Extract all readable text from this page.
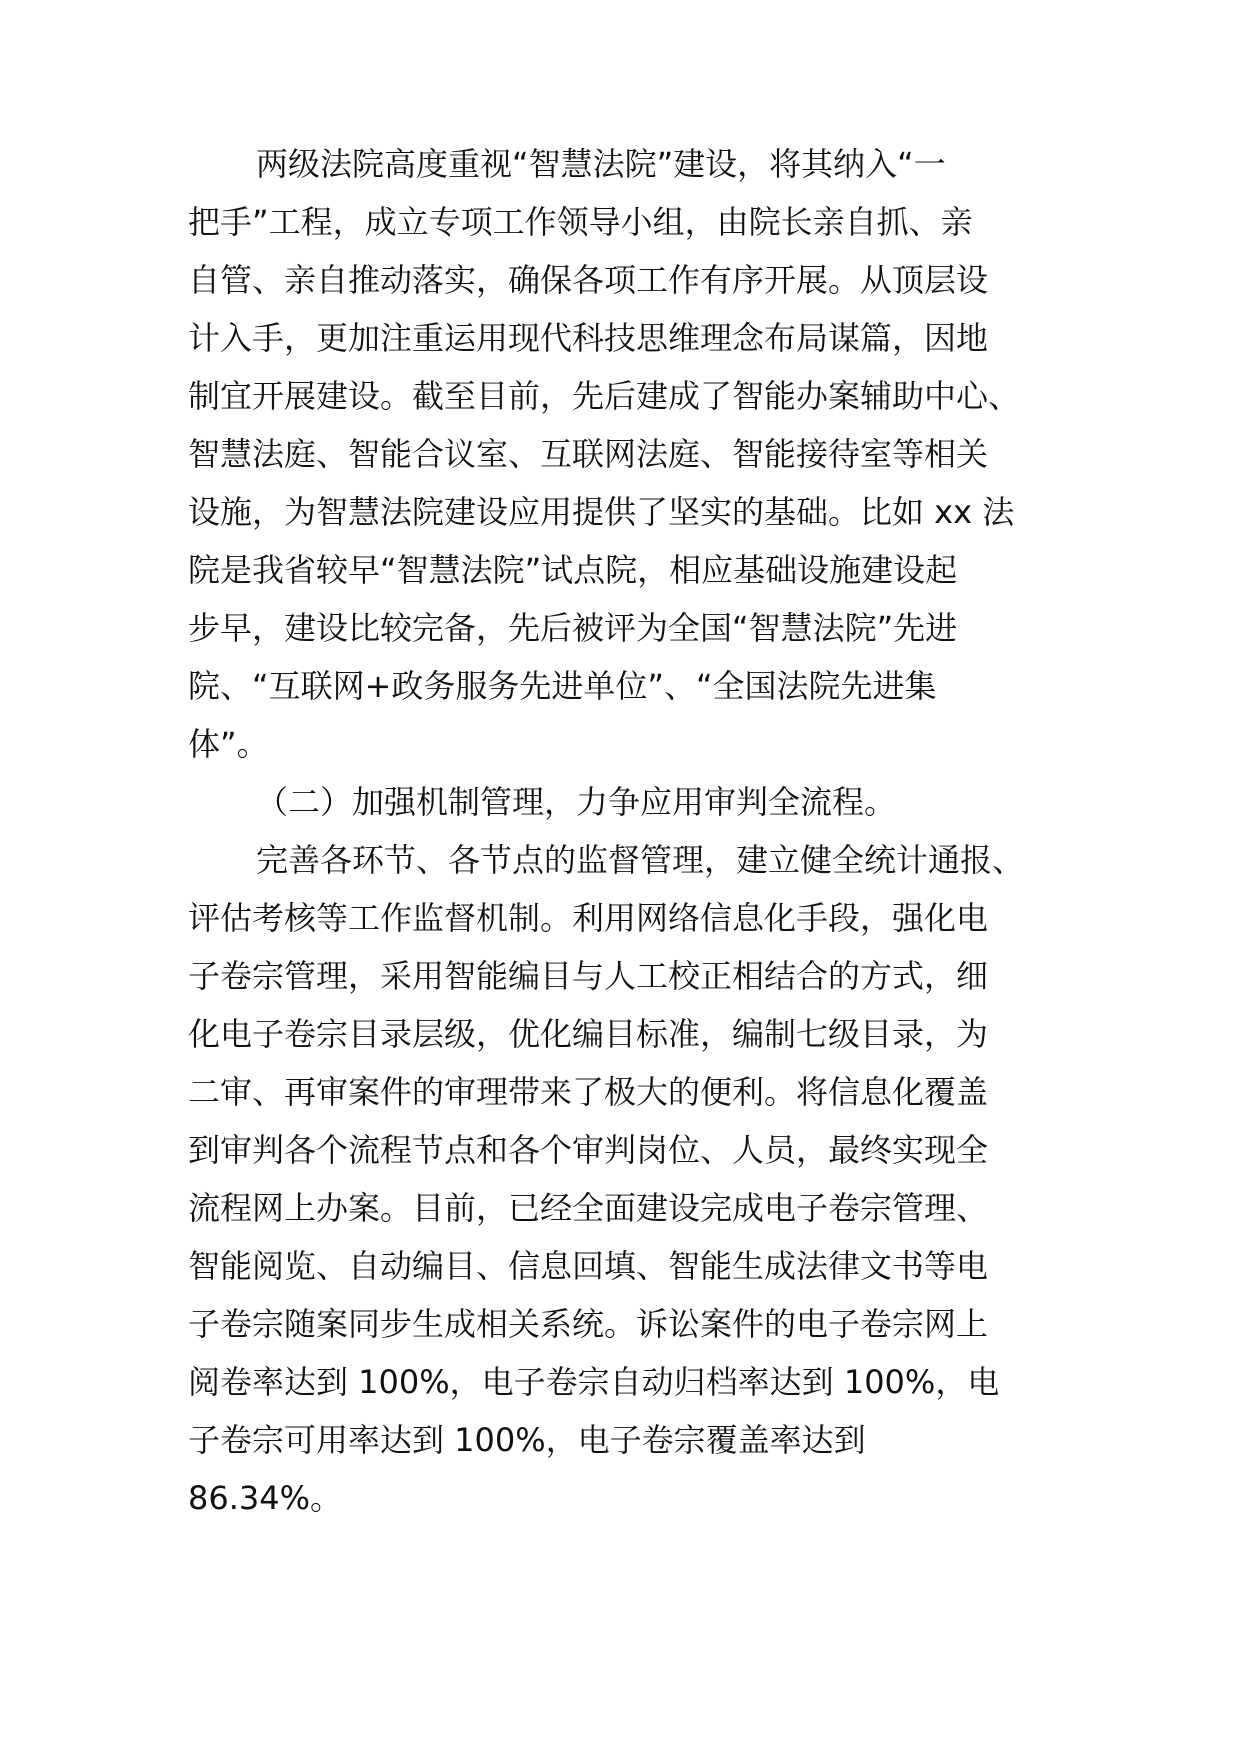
两级法院高度重视“智慧法院”建设，将其纳入“一
把手”工程，成立专项工作领导小组，由院长亲自抓、亲
自管、亲自推动落实，确保各项工作有序开展。从顶层设
计入手，更加注重运用现代科技思维理念布局谋篇，因地
制宜开展建设。截至目前，先后建成了智能办案辅助中心、
智慧法庭、智能合议室、互联网法庭、智能接待室等相关
设施，为智慧法院建设应用提供了坚实的基础。比如 xx 法
院是我省较早“智慧法院”试点院，相应基础设施建设起
步早，建设比较完备，先后被评为全国“智慧法院”先进
院、“互联网+政务服务先进单位”、“全国法院先进集
体”。
（二）加强机制管理，力争应用审判全流程。
完善各环节、各节点的监督管理，建立健全统计通报、
评估考核等工作监督机制。利用网络信息化手段，强化电
子卷宗管理，采用智能编目与人工校正相结合的方式，细
化电子卷宗目录层级，优化编目标准，编制七级目录，为
二审、再审案件的审理带来了极大的便利。将信息化覆盖
到审判各个流程节点和各个审判岗位、人员，最终实现全
流程网上办案。目前，已经全面建设完成电子卷宗管理、
智能阅览、自动编目、信息回填、智能生成法律文书等电
子卷宗随案同步生成相关系统。诉讼案件的电子卷宗网上
阅卷率达到 100%，电子卷宗自动归档率达到 100%，电
子卷宗可用率达到 100%，电子卷宗覆盖率达到
86.34%。
